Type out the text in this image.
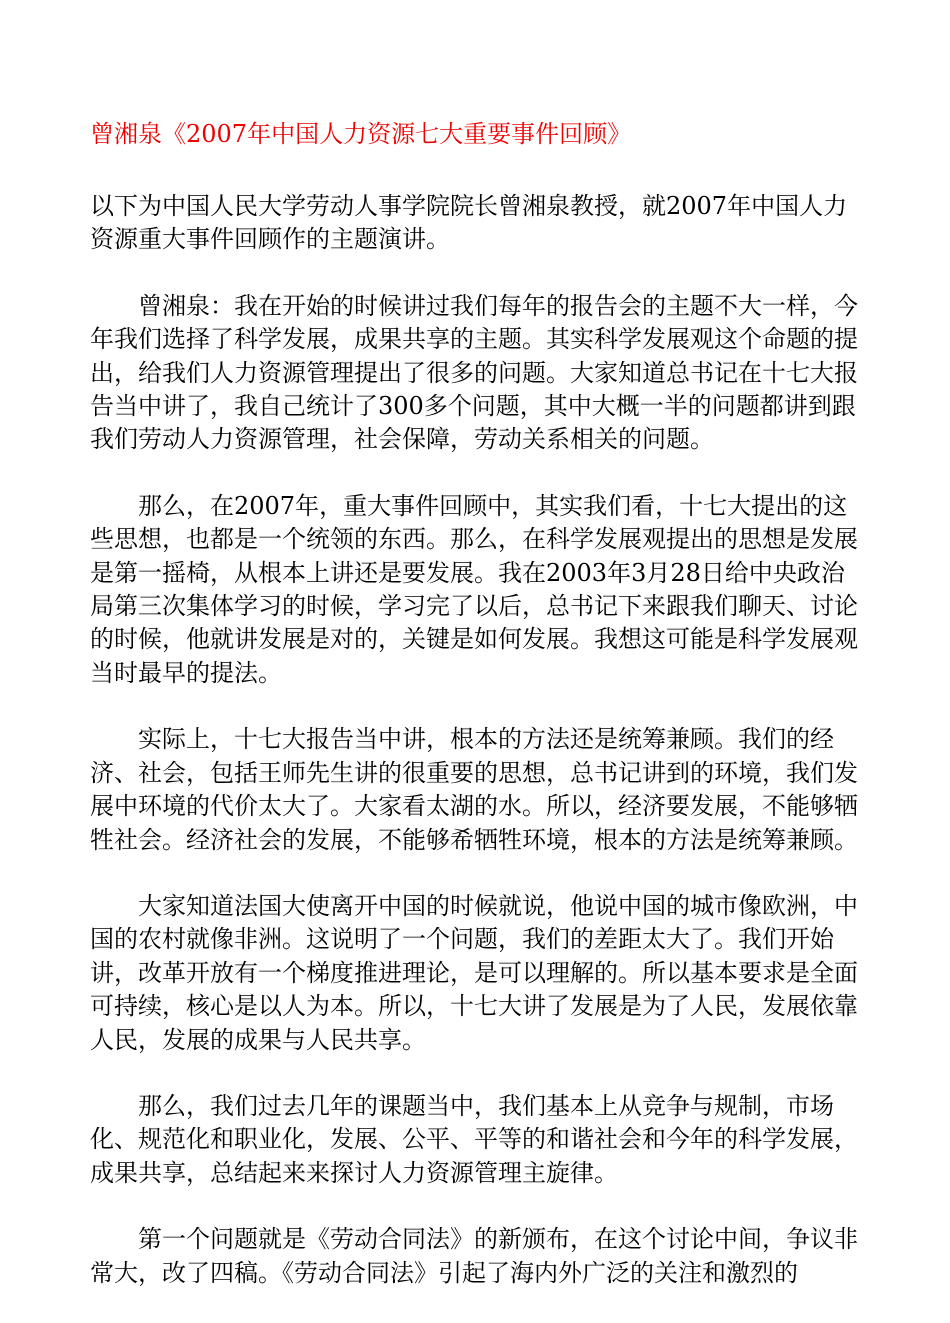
曾湘泉《2007年中国人力资源七大重要事件回顾》

以下为中国人民大学劳动人事学院院长曾湘泉教授，就2007年中国人力资源重大事件回顾作的主题演讲。

曾湘泉：我在开始的时候讲过我们每年的报告会的主题不大一样，今年我们选择了科学发展，成果共享的主题。其实科学发展观这个命题的提出，给我们人力资源管理提出了很多的问题。大家知道总书记在十七大报告当中讲了，我自己统计了300多个问题，其中大概一半的问题都讲到跟我们劳动人力资源管理，社会保障，劳动关系相关的问题。

那么，在2007年，重大事件回顾中，其实我们看，十七大提出的这些思想，也都是一个统领的东西。那么，在科学发展观提出的思想是发展是第一摇椅，从根本上讲还是要发展。我在2003年3月28日给中央政治局第三次集体学习的时候，学习完了以后，总书记下来跟我们聊天、讨论的时候，他就讲发展是对的，关键是如何发展。我想这可能是科学发展观当时最早的提法。

实际上，十七大报告当中讲，根本的方法还是统筹兼顾。我们的经济、社会，包括王师先生讲的很重要的思想，总书记讲到的环境，我们发展中环境的代价太大了。大家看太湖的水。所以，经济要发展，不能够牺牲社会。经济社会的发展，不能够希牺牲环境，根本的方法是统筹兼顾。

大家知道法国大使离开中国的时候就说，他说中国的城市像欧洲，中国的农村就像非洲。这说明了一个问题，我们的差距太大了。我们开始讲，改革开放有一个梯度推进理论，是可以理解的。所以基本要求是全面可持续，核心是以人为本。所以，十七大讲了发展是为了人民，发展依靠人民，发展的成果与人民共享。

那么，我们过去几年的课题当中，我们基本上从竞争与规制，市场化、规范化和职业化，发展、公平、平等的和谐社会和今年的科学发展，成果共享，总结起来来探讨人力资源管理主旋律。

第一个问题就是《劳动合同法》的新颁布，在这个讨论中间，争议非常大，改了四稿。《劳动合同法》引起了海内外广泛的关注和激烈的
